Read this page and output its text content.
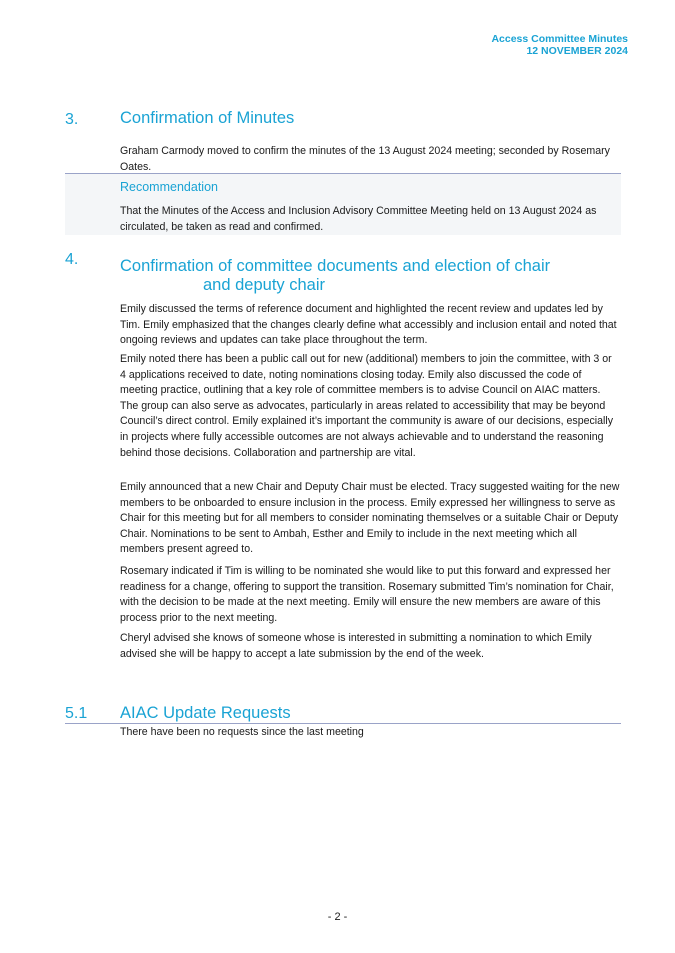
Access Committee Minutes
12 NOVEMBER 2024
3.	Confirmation of Minutes
Graham Carmody moved to confirm the minutes of the 13 August 2024 meeting; seconded by Rosemary Oates.
Recommendation
That the Minutes of the Access and Inclusion Advisory Committee Meeting held on 13 August 2024 as circulated, be taken as read and confirmed.
4.	Confirmation of committee documents and election of chair
and deputy chair
Emily discussed the terms of reference document and highlighted the recent review and updates led by Tim. Emily emphasized that the changes clearly define what accessibly and inclusion entail and noted that ongoing reviews and updates can take place throughout the term.
Emily noted there has been a public call out for new (additional) members to join the committee, with 3 or 4 applications received to date, noting nominations closing today. Emily also discussed the code of meeting practice, outlining that a key role of committee members is to advise Council on AIAC matters. The group can also serve as advocates, particularly in areas related to accessibility that may be beyond Council’s direct control. Emily explained it’s important the community is aware of our decisions, especially in projects where fully accessible outcomes are not always achievable and to understand the reasoning behind those decisions. Collaboration and partnership are vital.
Emily announced that a new Chair and Deputy Chair must be elected. Tracy suggested waiting for the new members to be onboarded to ensure inclusion in the process. Emily expressed her willingness to serve as Chair for this meeting but for all members to consider nominating themselves or a suitable Chair or Deputy Chair. Nominations to be sent to Ambah, Esther and Emily to include in the next meeting which all members present agreed to.
Rosemary indicated if Tim is willing to be nominated she would like to put this forward and expressed her readiness for a change, offering to support the transition. Rosemary submitted Tim’s nomination for Chair, with the decision to be made at the next meeting. Emily will ensure the new members are aware of this process prior to the next meeting.
Cheryl advised she knows of someone whose is interested in submitting a nomination to which Emily advised she will be happy to accept a late submission by the end of the week.
5.1 AIAC Update Requests
There have been no requests since the last meeting
- 2 -
